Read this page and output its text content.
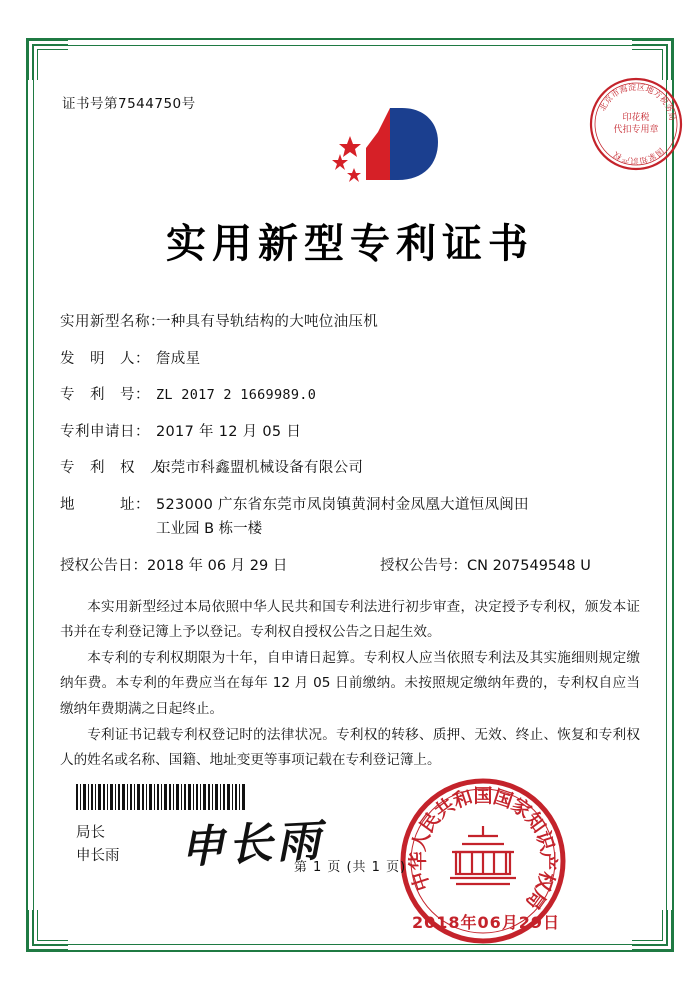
证书号第7544750号
印花税
代扣专用章
北
京
市
海
淀 区
地
方
税
务
局
国
家
知
识
产
权
实用新型专利证书
实用新型名称：
一种具有导轨结构的大吨位油压机
发　明　人： 詹成星
专　利　号： ZL 2017 2 1669989.0
专利申请日： 2017 年 12 月 05 日
专　利　权　人：
东莞市科鑫盟机械设备有限公司
地　　　址： 523000 广东省东莞市凤岗镇黄洞村金凤凰大道恒凤闽田
工业园 B 栋一楼
授权公告日：2018 年 06 月 29 日	授权公告号：CN 207549548 U

本实用新型经过本局依照中华人民共和国专利法进行初步审查，决定授予专利权，颁发本证书并在专利登记簿上予以登记。专利权自授权公告之日起生效。

本专利的专利权期限为十年，自申请日起算。专利权人应当依照专利法及其实施细则规定缴纳年费。本专利的年费应当在每年 12 月 05 日前缴纳。未按照规定缴纳年费的，专利权自应当缴纳年费期满之日起终止。

专利证书记载专利权登记时的法律状况。专利权的转移、质押、无效、终止、恢复和专利权人的姓名或名称、国籍、地址变更等事项记载在专利登记簿上。

局长
申长雨 申长雨
中
华
人
民
共
和
国
国
家
知
识
产
权
局
2018年06月29日
第 1 页 (共 1 页)
